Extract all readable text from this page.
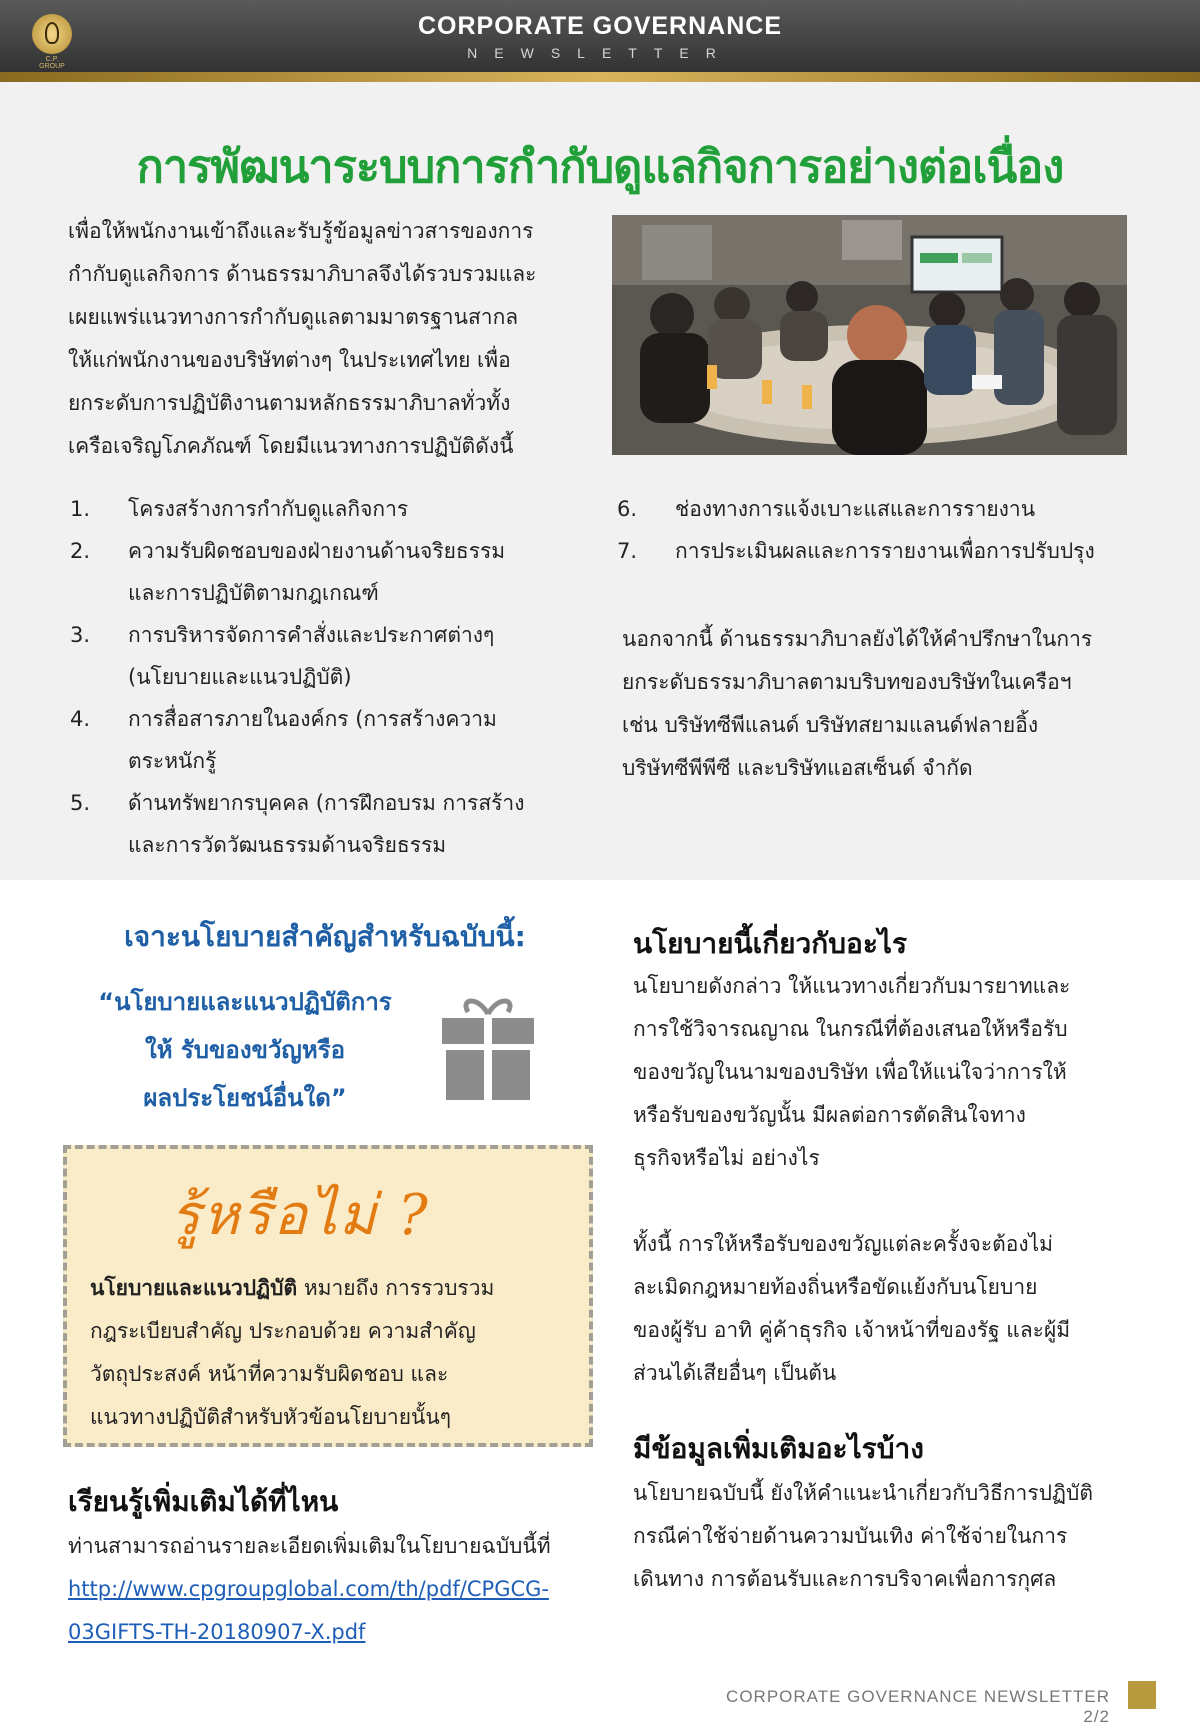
C.P. GROUP
CORPORATE GOVERNANCE
NEWSLETTER
การพัฒนาระบบการกำกับดูแลกิจการอย่างต่อเนื่อง
เพื่อให้พนักงานเข้าถึงและรับรู้ข้อมูลข่าวสารของการ
กำกับดูแลกิจการ ด้านธรรมาภิบาลจึงได้รวบรวมและ
เผยแพร่แนวทางการกำกับดูแลตามมาตรฐานสากล
ให้แก่พนักงานของบริษัทต่างๆ ในประเทศไทย เพื่อ
ยกระดับการปฏิบัติงานตามหลักธรรมาภิบาลทั่วทั้ง
เครือเจริญโภคภัณฑ์ โดยมีแนวทางการปฏิบัติดังนี้
1. โครงสร้างการกำกับดูแลกิจการ
2. ความรับผิดชอบของฝ่ายงานด้านจริยธรรม
และการปฏิบัติตามกฎเกณฑ์
3. การบริหารจัดการคำสั่งและประกาศต่างๆ
(นโยบายและแนวปฏิบัติ)
4. การสื่อสารภายในองค์กร (การสร้างความ
ตระหนักรู้
5. ด้านทรัพยากรบุคคล (การฝึกอบรม การสร้าง
และการวัดวัฒนธรรมด้านจริยธรรม
6. ช่องทางการแจ้งเบาะแสและการรายงาน
7. การประเมินผลและการรายงานเพื่อการปรับปรุง
นอกจากนี้ ด้านธรรมาภิบาลยังได้ให้คำปรึกษาในการ
ยกระดับธรรมาภิบาลตามบริบทของบริษัทในเครือฯ
เช่น บริษัทซีพีแลนด์ บริษัทสยามแลนด์ฟลายอิ้ง
บริษัทซีพีพีซี และบริษัทแอสเซ็นด์ จำกัด
เจาะนโยบายสำคัญสำหรับฉบับนี้:
“นโยบายและแนวปฏิบัติการ
ให้ รับของขวัญหรือ
ผลประโยชน์อื่นใด”
รู้หรือไม่ ?
นโยบายและแนวปฏิบัติ หมายถึง การรวบรวม
กฎระเบียบสำคัญ ประกอบด้วย ความสำคัญ
วัตถุประสงค์ หน้าที่ความรับผิดชอบ และ
แนวทางปฏิบัติสำหรับหัวข้อนโยบายนั้นๆ
เรียนรู้เพิ่มเติมได้ที่ไหน
ท่านสามารถอ่านรายละเอียดเพิ่มเติมในโยบายฉบับนี้ที่
http://www.cpgroupglobal.com/th/pdf/CPGCG-
03GIFTS-TH-20180907-X.pdf
นโยบายนี้เกี่ยวกับอะไร
นโยบายดังกล่าว ให้แนวทางเกี่ยวกับมารยาทและ
การใช้วิจารณญาณ ในกรณีที่ต้องเสนอให้หรือรับ
ของขวัญในนามของบริษัท เพื่อให้แน่ใจว่าการให้
หรือรับของขวัญนั้น มีผลต่อการตัดสินใจทาง
ธุรกิจหรือไม่ อย่างไร
ทั้งนี้ การให้หรือรับของขวัญแต่ละครั้งจะต้องไม่
ละเมิดกฎหมายท้องถิ่นหรือขัดแย้งกับนโยบาย
ของผู้รับ อาทิ คู่ค้าธุรกิจ เจ้าหน้าที่ของรัฐ และผู้มี
ส่วนได้เสียอื่นๆ เป็นต้น
มีข้อมูลเพิ่มเติมอะไรบ้าง
นโยบายฉบับนี้ ยังให้คำแนะนำเกี่ยวกับวิธีการปฏิบัติ
กรณีค่าใช้จ่ายด้านความบันเทิง ค่าใช้จ่ายในการ
เดินทาง การต้อนรับและการบริจาคเพื่อการกุศล
CORPORATE GOVERNANCE NEWSLETTER 2/2
